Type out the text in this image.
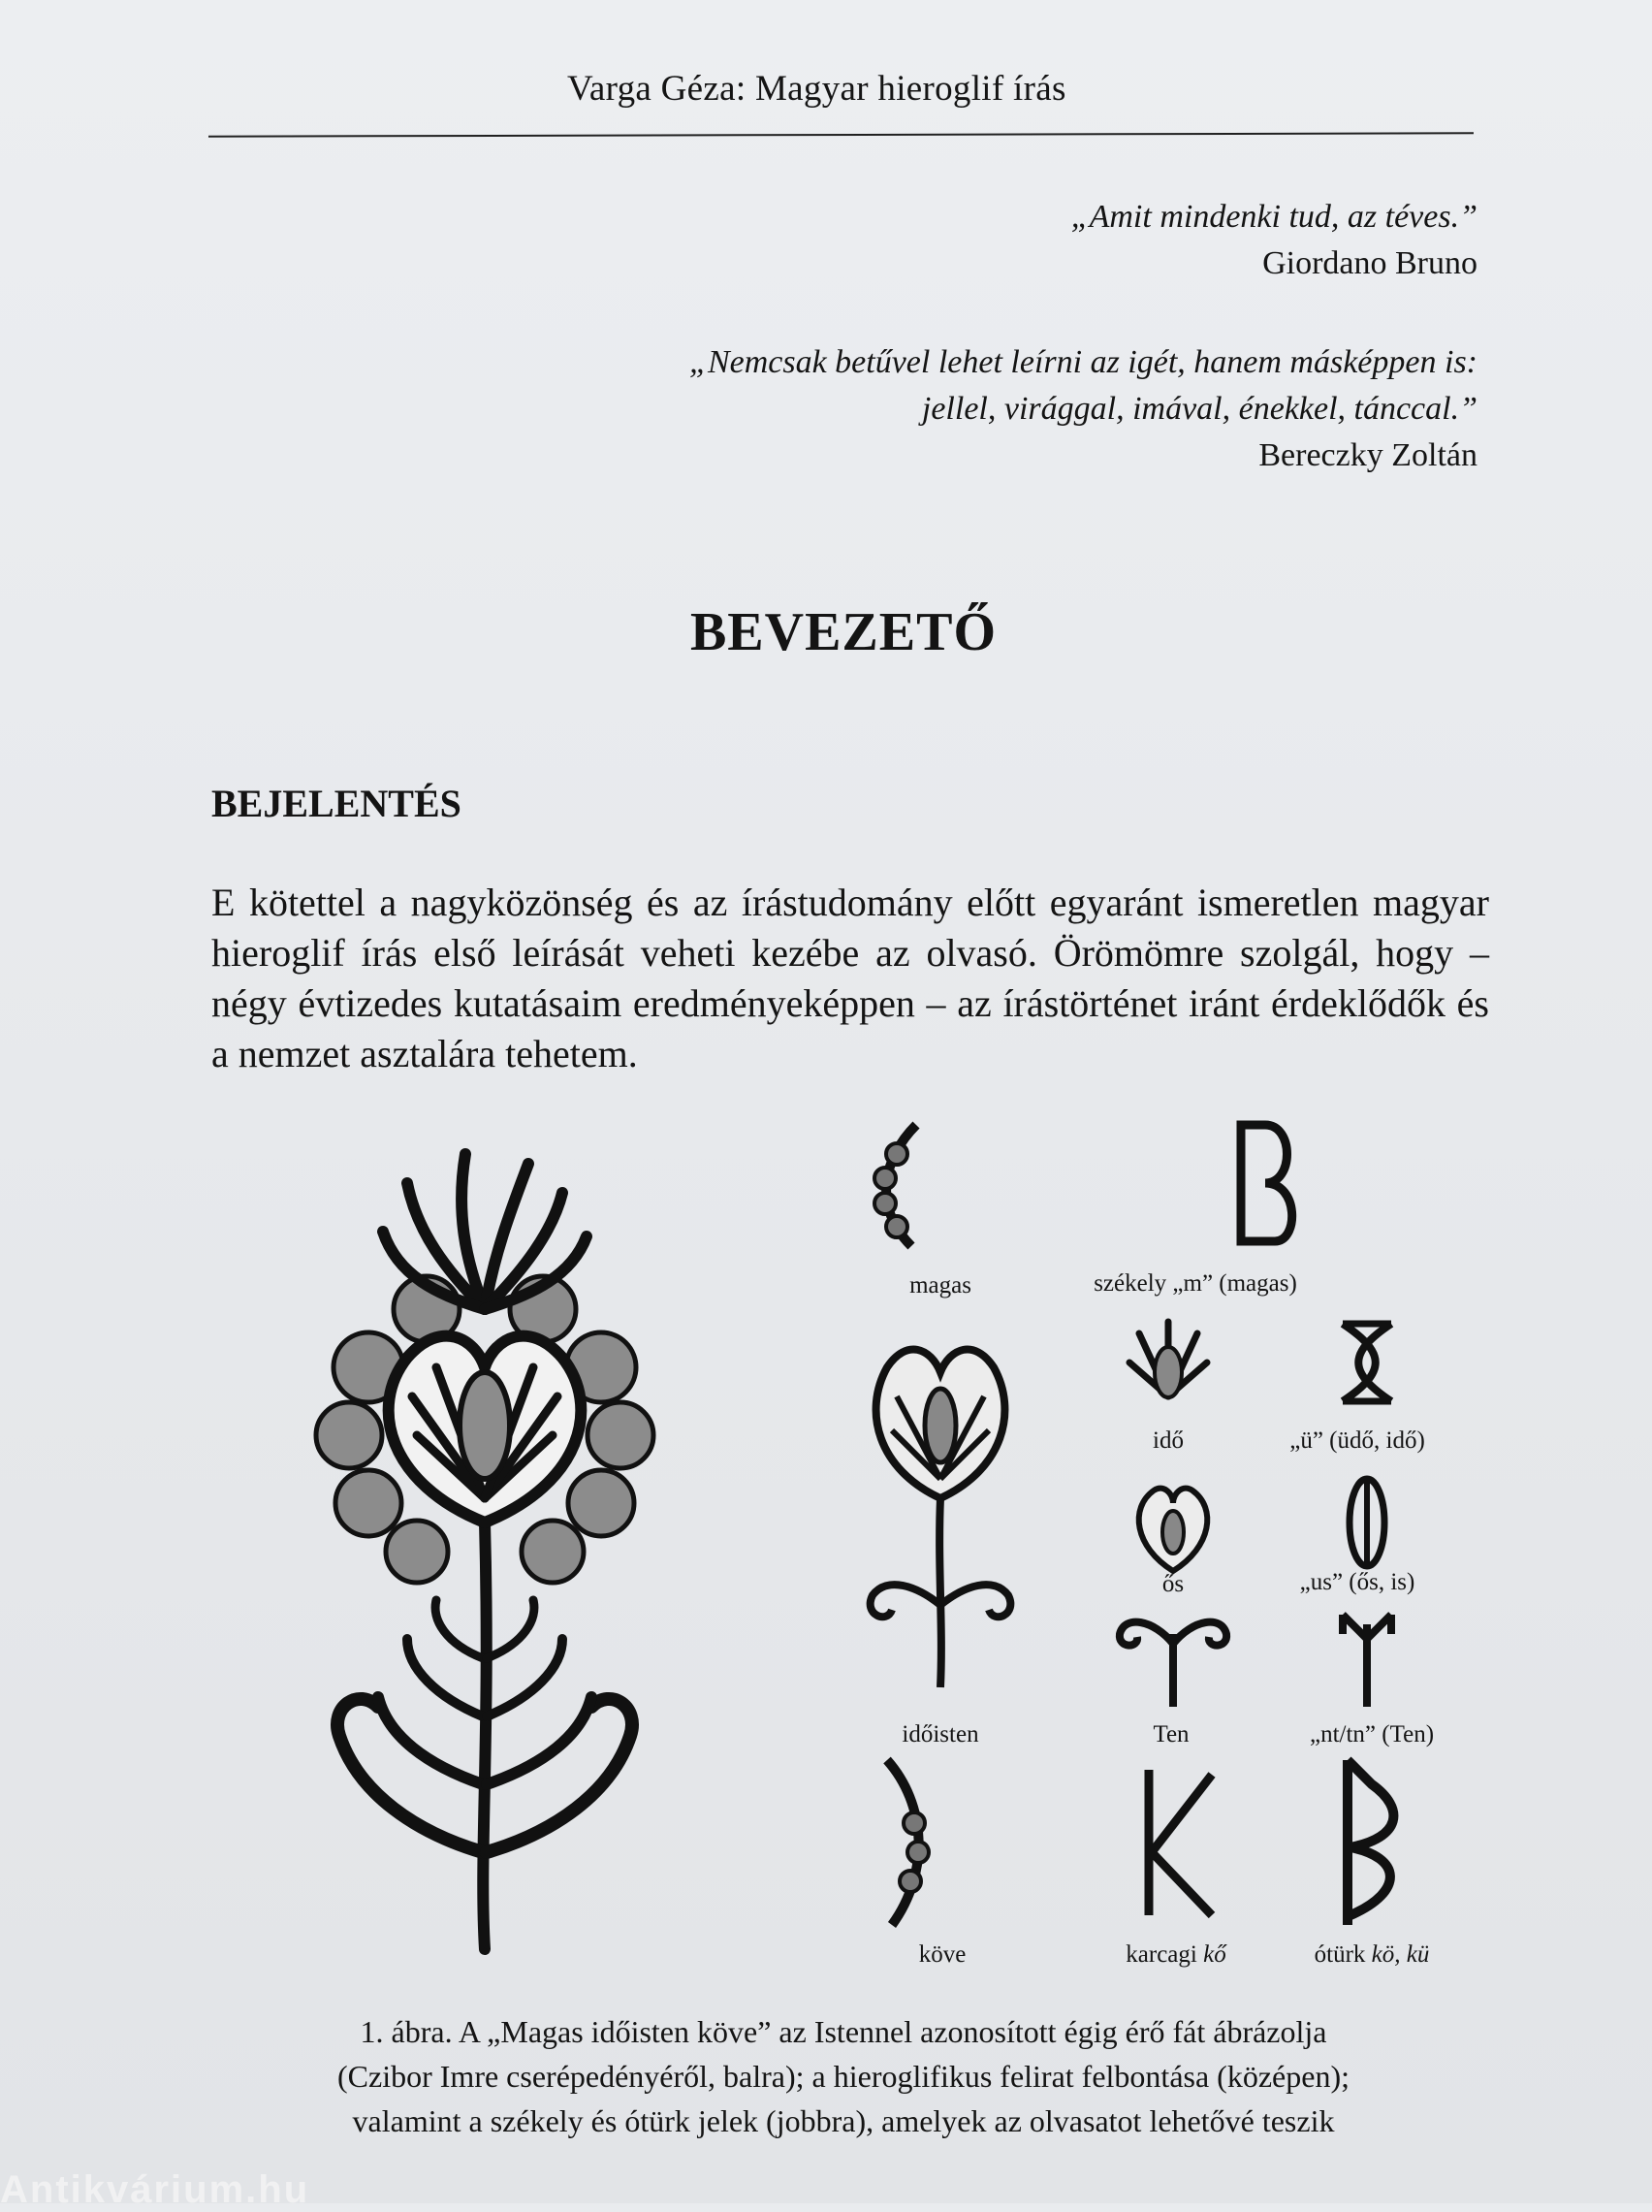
Varga Géza: Magyar hieroglif írás
„Amit mindenki tud, az téves.”
Giordano Bruno
„Nemcsak betűvel lehet leírni az igét, hanem másképpen is:
jellel, virággal, imával, énekkel, tánccal.”
Bereczky Zoltán
BEVEZETŐ
BEJELENTÉS
E kötettel a nagyközönség és az írástudomány előtt egyaránt ismeretlen magyar hieroglif írás első leírását veheti kezébe az olvasó. Örömömre szolgál, hogy – négy évtizedes kutatásaim eredményeképpen – az írástörténet iránt érdeklődők és a nemzet asztalára tehetem.
magas	székely „m” (magas)
időisten
idő	„ü” (üdő, idő)
ős	„us” (ős, is)
Ten	„nt/tn” (Ten)
köve	karcagi kő	ótürk kö, kü
1. ábra. A „Magas időisten köve” az Istennel azonosított égig érő fát ábrázolja
(Czibor Imre cserépedényéről, balra); a hieroglifikus felirat felbontása (középen);
valamint a székely és ótürk jelek (jobbra), amelyek az olvasatot lehetővé teszik
Antikvárium.hu
